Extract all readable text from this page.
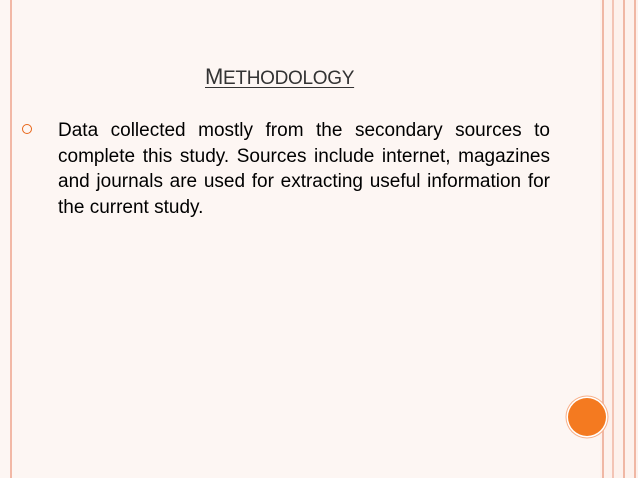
METHODOLOGY

Data collected mostly from the secondary sources to complete this study. Sources include internet, magazines and journals are used for extracting useful information for the current study.
